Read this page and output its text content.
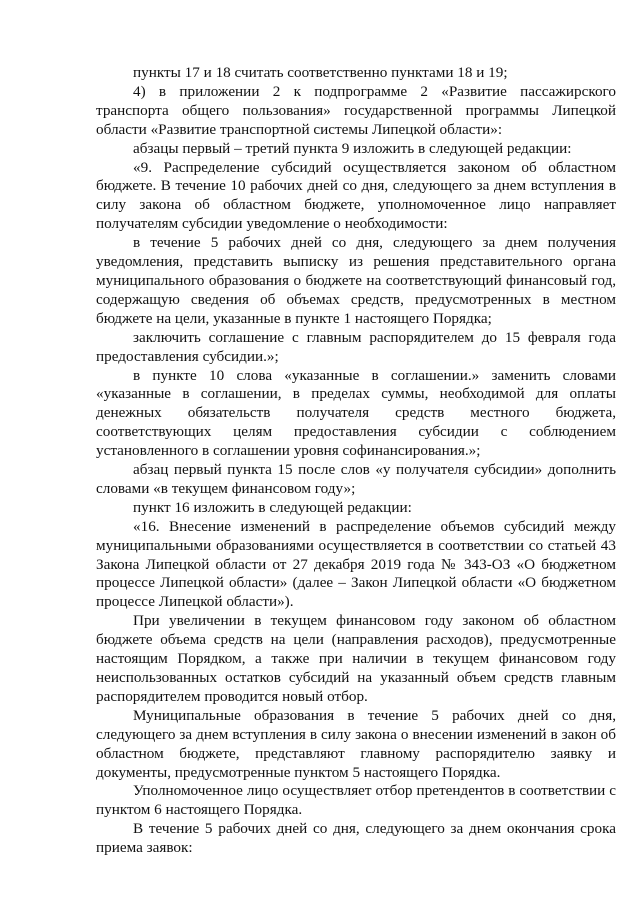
пункты 17 и 18 считать соответственно пунктами 18 и 19;

4) в приложении 2 к подпрограмме 2 «Развитие пассажирского транспорта общего пользования» государственной программы Липецкой области «Развитие транспортной системы Липецкой области»:

абзацы первый – третий пункта 9 изложить в следующей редакции:

«9. Распределение субсидий осуществляется законом об областном бюджете. В течение 10 рабочих дней со дня, следующего за днем вступления в силу закона об областном бюджете, уполномоченное лицо направляет получателям субсидии уведомление о необходимости:

в течение 5 рабочих дней со дня, следующего за днем получения уведомления, представить выписку из решения представительного органа муниципального образования о бюджете на соответствующий финансовый год, содержащую сведения об объемах средств, предусмотренных в местном бюджете на цели, указанные в пункте 1 настоящего Порядка;

заключить соглашение с главным распорядителем до 15 февраля года предоставления субсидии.»;

в пункте 10 слова «указанные в соглашении.» заменить словами «указанные в соглашении, в пределах суммы, необходимой для оплаты денежных обязательств получателя средств местного бюджета, соответствующих целям предоставления субсидии с соблюдением установленного в соглашении уровня софинансирования.»;

абзац первый пункта 15 после слов «у получателя субсидии» дополнить словами «в текущем финансовом году»;

пункт 16 изложить в следующей редакции:

«16. Внесение изменений в распределение объемов субсидий между муниципальными образованиями осуществляется в соответствии со статьей 43 Закона Липецкой области от 27 декабря 2019 года № 343-ОЗ «О бюджетном процессе Липецкой области» (далее – Закон Липецкой области «О бюджетном процессе Липецкой области»).

При увеличении в текущем финансовом году законом об областном бюджете объема средств на цели (направления расходов), предусмотренные настоящим Порядком, а также при наличии в текущем финансовом году неиспользованных остатков субсидий на указанный объем средств главным распорядителем проводится новый отбор.

Муниципальные образования в течение 5 рабочих дней со дня, следующего за днем вступления в силу закона о внесении изменений в закон об областном бюджете, представляют главному распорядителю заявку и документы, предусмотренные пунктом 5 настоящего Порядка.

Уполномоченное лицо осуществляет отбор претендентов в соответствии с пунктом 6 настоящего Порядка.

В течение 5 рабочих дней со дня, следующего за днем окончания срока приема заявок:
